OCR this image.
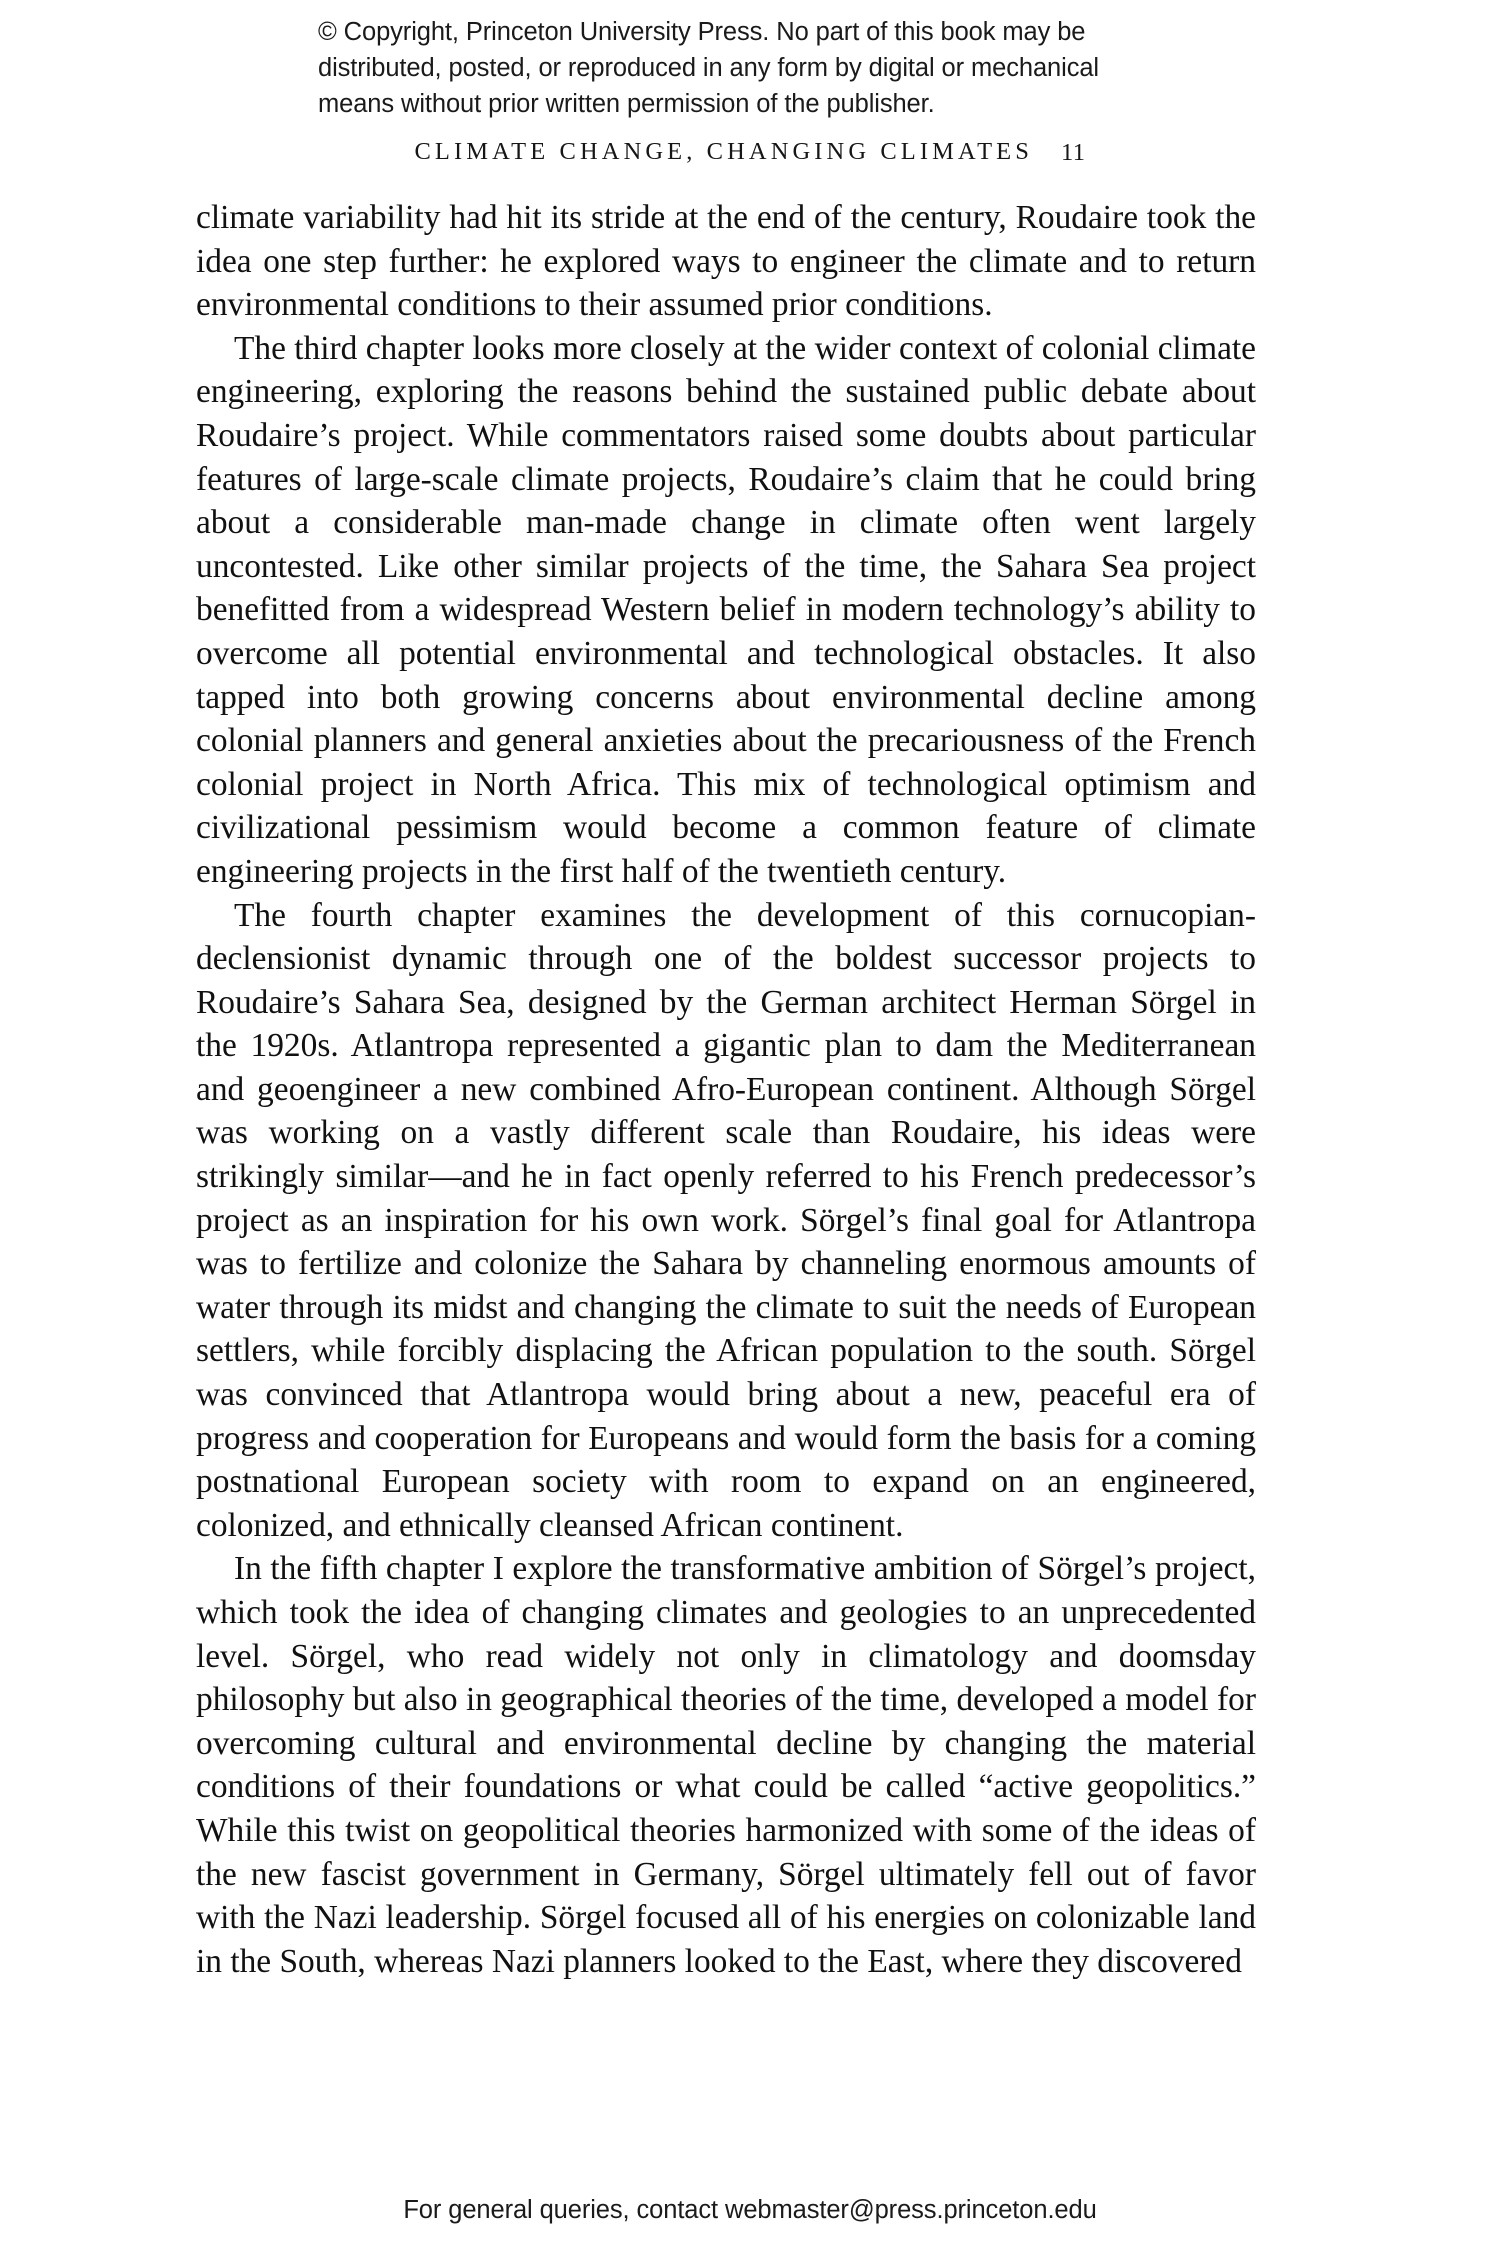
© Copyright, Princeton University Press. No part of this book may be
distributed, posted, or reproduced in any form by digital or mechanical
means without prior written permission of the publisher.
CLIMATE CHANGE, CHANGING CLIMATES 11

climate variability had hit its stride at the end of the century, Roudaire took the idea one step further: he explored ways to engineer the climate and to return environmental conditions to their assumed prior conditions.

The third chapter looks more closely at the wider context of colonial climate engineering, exploring the reasons behind the sustained public debate about Roudaire’s project. While commentators raised some doubts about particular features of large-scale climate projects, Roudaire’s claim that he could bring about a considerable man-made change in climate often went largely uncontested. Like other similar projects of the time, the Sahara Sea project benefitted from a widespread Western belief in modern technology’s ability to overcome all potential environmental and technological obstacles. It also tapped into both growing concerns about environmental decline among colonial planners and general anxieties about the precariousness of the French colonial project in North Africa. This mix of technological optimism and civilizational pessimism would become a common feature of climate engineering projects in the first half of the twentieth century.

The fourth chapter examines the development of this cornucopian-declensionist dynamic through one of the boldest successor projects to Roudaire’s Sahara Sea, designed by the German architect Herman Sörgel in the 1920s. Atlantropa represented a gigantic plan to dam the Mediterranean and geoengineer a new combined Afro-European continent. Although Sörgel was working on a vastly different scale than Roudaire, his ideas were strikingly similar—and he in fact openly referred to his French predecessor’s project as an inspiration for his own work. Sörgel’s final goal for Atlantropa was to fertilize and colonize the Sahara by channeling enormous amounts of water through its midst and changing the climate to suit the needs of European settlers, while forcibly displacing the African population to the south. Sörgel was convinced that Atlantropa would bring about a new, peaceful era of progress and cooperation for Europeans and would form the basis for a coming postnational European society with room to expand on an engineered, colonized, and ethnically cleansed African continent.

In the fifth chapter I explore the transformative ambition of Sörgel’s project, which took the idea of changing climates and geologies to an unprecedented level. Sörgel, who read widely not only in climatology and doomsday philosophy but also in geographical theories of the time, developed a model for overcoming cultural and environmental decline by changing the material conditions of their foundations or what could be called “active geopolitics.” While this twist on geopolitical theories harmonized with some of the ideas of the new fascist government in Germany, Sörgel ultimately fell out of favor with the Nazi leadership. Sörgel focused all of his energies on colonizable land in the South, whereas Nazi planners looked to the East, where they discovered

For general queries, contact webmaster@press.princeton.edu
